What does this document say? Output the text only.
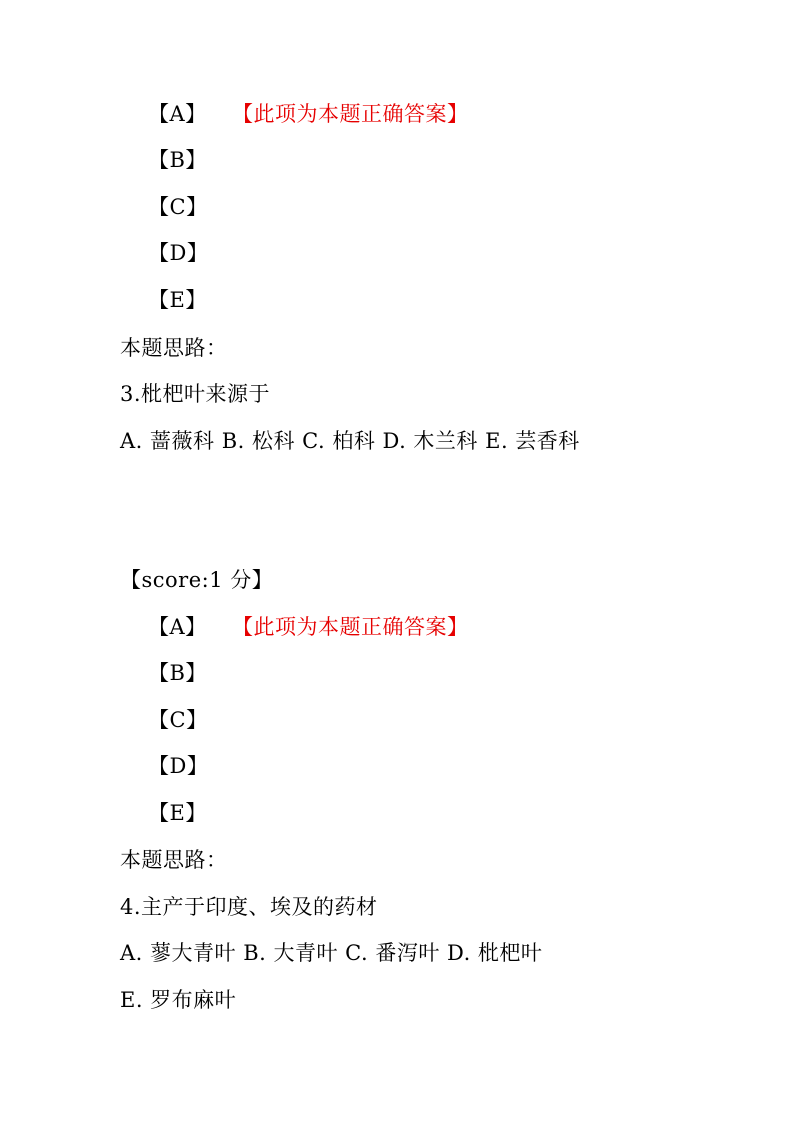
【A】 【此项为本题正确答案】
【B】
【C】
【D】
【E】
本题思路：
3.枇杷叶来源于
A. 蔷薇科 B. 松科 C. 柏科 D. 木兰科 E. 芸香科
【score:1 分】
【A】 【此项为本题正确答案】
【B】
【C】
【D】
【E】
本题思路：
4.主产于印度、埃及的药材
A. 蓼大青叶 B. 大青叶 C. 番泻叶 D. 枇杷叶
E. 罗布麻叶
